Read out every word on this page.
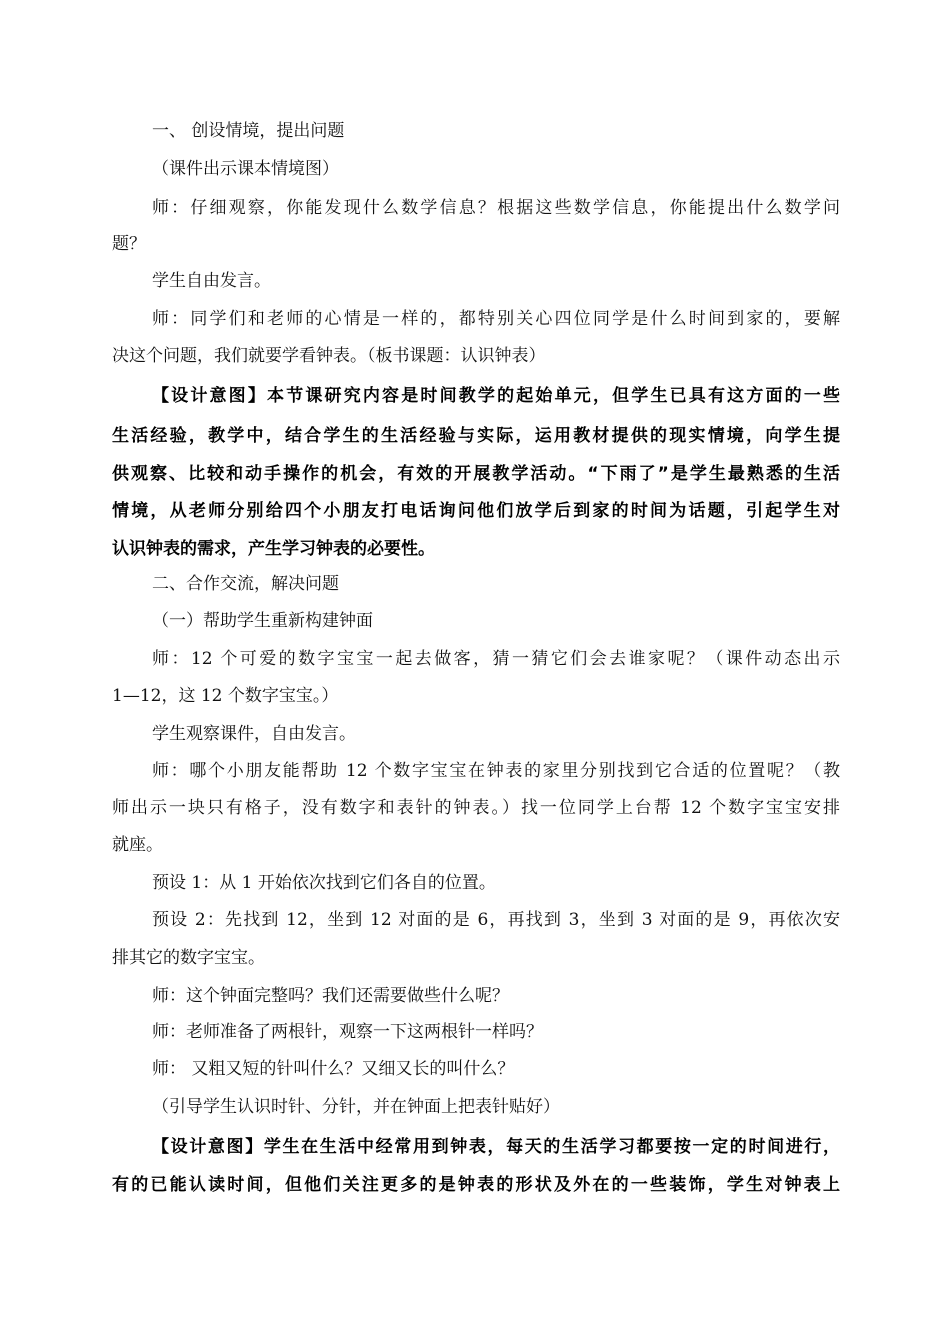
一、 创设情境，提出问题
（课件出示课本情境图）
师：仔细观察，你能发现什么数学信息？根据这些数学信息，你能提出什么数学问
题？
学生自由发言。
师：同学们和老师的心情是一样的，都特别关心四位同学是什么时间到家的，要解
决这个问题，我们就要学看钟表。（板书课题：认识钟表）
【设计意图】本节课研究内容是时间教学的起始单元，但学生已具有这方面的一些
生活经验，教学中，结合学生的生活经验与实际，运用教材提供的现实情境，向学生提
供观察、比较和动手操作的机会，有效的开展教学活动。“下雨了”是学生最熟悉的生活
情境，从老师分别给四个小朋友打电话询问他们放学后到家的时间为话题，引起学生对
认识钟表的需求，产生学习钟表的必要性。
二、合作交流，解决问题
（一）帮助学生重新构建钟面
师：12 个可爱的数字宝宝一起去做客，猜一猜它们会去谁家呢？（课件动态出示
1—12，这 12 个数字宝宝。）
学生观察课件，自由发言。
师：哪个小朋友能帮助 12 个数字宝宝在钟表的家里分别找到它合适的位置呢？（教
师出示一块只有格子，没有数字和表针的钟表。）找一位同学上台帮 12 个数字宝宝安排
就座。
预设 1：从 1 开始依次找到它们各自的位置。
预设 2：先找到 12，坐到 12 对面的是 6，再找到 3，坐到 3 对面的是 9，再依次安
排其它的数字宝宝。
师：这个钟面完整吗？我们还需要做些什么呢？
师：老师准备了两根针，观察一下这两根针一样吗？
师： 又粗又短的针叫什么？又细又长的叫什么？
（引导学生认识时针、分针，并在钟面上把表针贴好）
【设计意图】学生在生活中经常用到钟表，每天的生活学习都要按一定的时间进行，
有的已能认读时间，但他们关注更多的是钟表的形状及外在的一些装饰，学生对钟表上
